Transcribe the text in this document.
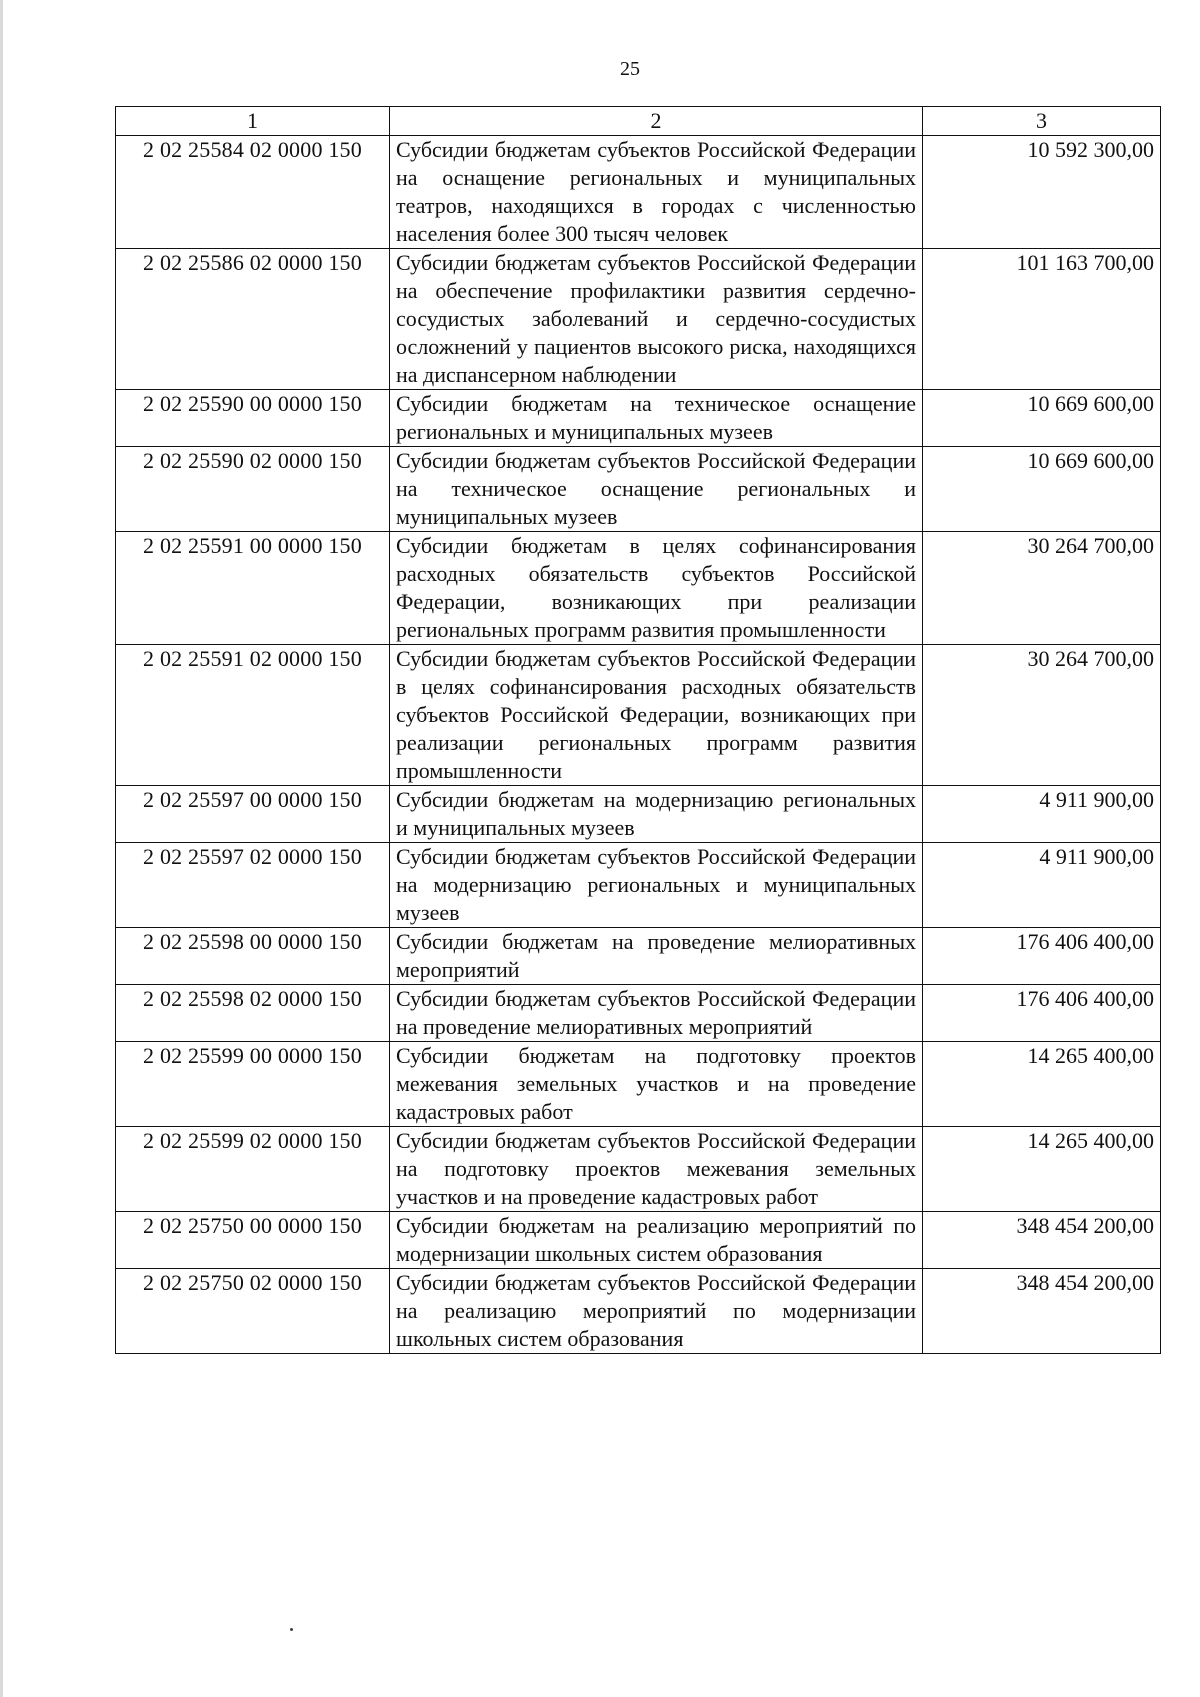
25
1	2	3
2 02 25584 02 0000 150	Субсидии бюджетам субъектов Российской Федерации на оснащение региональных и муниципальных театров, находящихся в городах с численностью населения более 300 тысяч человек	10 592 300,00
2 02 25586 02 0000 150	Субсидии бюджетам субъектов Российской Федерации на обеспечение профилактики развития сердечно-сосудистых заболеваний и сердечно-сосудистых осложнений у пациентов высокого риска, находящихся на диспансерном наблюдении	101 163 700,00
2 02 25590 00 0000 150	Субсидии бюджетам на техническое оснащение региональных и муниципальных музеев	10 669 600,00
2 02 25590 02 0000 150	Субсидии бюджетам субъектов Российской Федерации на техническое оснащение региональных и муниципальных музеев	10 669 600,00
2 02 25591 00 0000 150	Субсидии бюджетам в целях софинансирования расходных обязательств субъектов Российской Федерации, возникающих при реализации региональных программ развития промышленности	30 264 700,00
2 02 25591 02 0000 150	Субсидии бюджетам субъектов Российской Федерации в целях софинансирования расходных обязательств субъектов Российской Федерации, возникающих при реализации региональных программ развития промышленности	30 264 700,00
2 02 25597 00 0000 150	Субсидии бюджетам на модернизацию региональных и муниципальных музеев	4 911 900,00
2 02 25597 02 0000 150	Субсидии бюджетам субъектов Российской Федерации на модернизацию региональных и муниципальных музеев	4 911 900,00
2 02 25598 00 0000 150	Субсидии бюджетам на проведение мелиоративных мероприятий	176 406 400,00
2 02 25598 02 0000 150	Субсидии бюджетам субъектов Российской Федерации на проведение мелиоративных мероприятий	176 406 400,00
2 02 25599 00 0000 150	Субсидии бюджетам на подготовку проектов межевания земельных участков и на проведение кадастровых работ	14 265 400,00
2 02 25599 02 0000 150	Субсидии бюджетам субъектов Российской Федерации на подготовку проектов межевания земельных участков и на проведение кадастровых работ	14 265 400,00
2 02 25750 00 0000 150	Субсидии бюджетам на реализацию мероприятий по модернизации школьных систем образования	348 454 200,00
2 02 25750 02 0000 150	Субсидии бюджетам субъектов Российской Федерации на реализацию мероприятий по модернизации школьных систем образования	348 454 200,00
